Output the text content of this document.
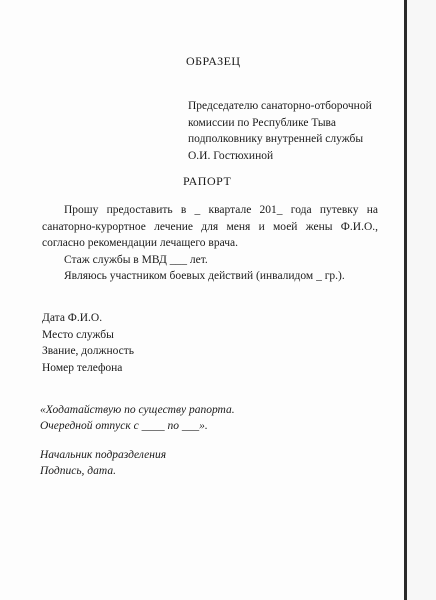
ОБРАЗЕЦ
Председателю санаторно-отборочной
комиссии по Республике Тыва
подполковнику внутренней службы
О.И. Гостюхиной
РАПОРТ
Прошу предоставить в _ квартале 201_ года путевку на
санаторно-курортное лечение для меня и моей жены Ф.И.О.,
согласно рекомендации лечащего врача.
Стаж службы в МВД ___ лет.
Являюсь участником боевых действий (инвалидом _ гр.).
Дата Ф.И.О.
Место службы
Звание, должность
Номер телефона
«Ходатайствую по существу рапорта.
Очередной отпуск с ____ по ___».
Начальник подразделения
Подпись, дата.
